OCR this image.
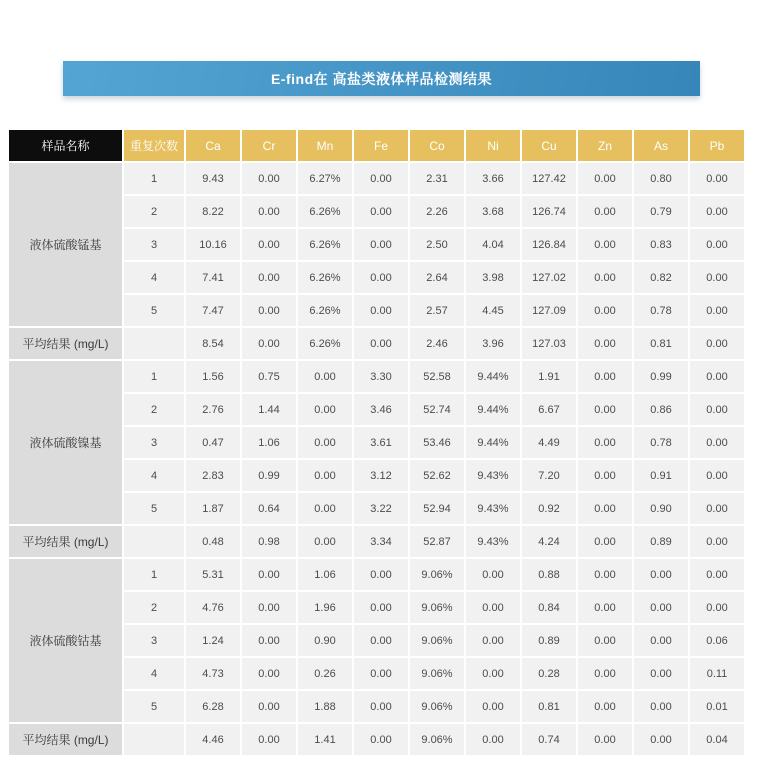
E-find在 高盐类液体样品检测结果
样品名称	重复次数	Ca	Cr	Mn	Fe	Co	Ni	Cu	Zn	As	Pb
液体硫酸锰基	1	9.43	0.00	6.27%	0.00	2.31	3.66	127.42	0.00	0.80	0.00
	2	8.22	0.00	6.26%	0.00	2.26	3.68	126.74	0.00	0.79	0.00
	3	10.16	0.00	6.26%	0.00	2.50	4.04	126.84	0.00	0.83	0.00
	4	7.41	0.00	6.26%	0.00	2.64	3.98	127.02	0.00	0.82	0.00
	5	7.47	0.00	6.26%	0.00	2.57	4.45	127.09	0.00	0.78	0.00
平均结果 (mg/L)		8.54	0.00	6.26%	0.00	2.46	3.96	127.03	0.00	0.81	0.00
液体硫酸镍基	1	1.56	0.75	0.00	3.30	52.58	9.44%	1.91	0.00	0.99	0.00
	2	2.76	1.44	0.00	3.46	52.74	9.44%	6.67	0.00	0.86	0.00
	3	0.47	1.06	0.00	3.61	53.46	9.44%	4.49	0.00	0.78	0.00
	4	2.83	0.99	0.00	3.12	52.62	9.43%	7.20	0.00	0.91	0.00
	5	1.87	0.64	0.00	3.22	52.94	9.43%	0.92	0.00	0.90	0.00
平均结果 (mg/L)		0.48	0.98	0.00	3.34	52.87	9.43%	4.24	0.00	0.89	0.00
液体硫酸钴基	1	5.31	0.00	1.06	0.00	9.06%	0.00	0.88	0.00	0.00	0.00
	2	4.76	0.00	1.96	0.00	9.06%	0.00	0.84	0.00	0.00	0.00
	3	1.24	0.00	0.90	0.00	9.06%	0.00	0.89	0.00	0.00	0.06
	4	4.73	0.00	0.26	0.00	9.06%	0.00	0.28	0.00	0.00	0.11
	5	6.28	0.00	1.88	0.00	9.06%	0.00	0.81	0.00	0.00	0.01
平均结果 (mg/L)		4.46	0.00	1.41	0.00	9.06%	0.00	0.74	0.00	0.00	0.04
